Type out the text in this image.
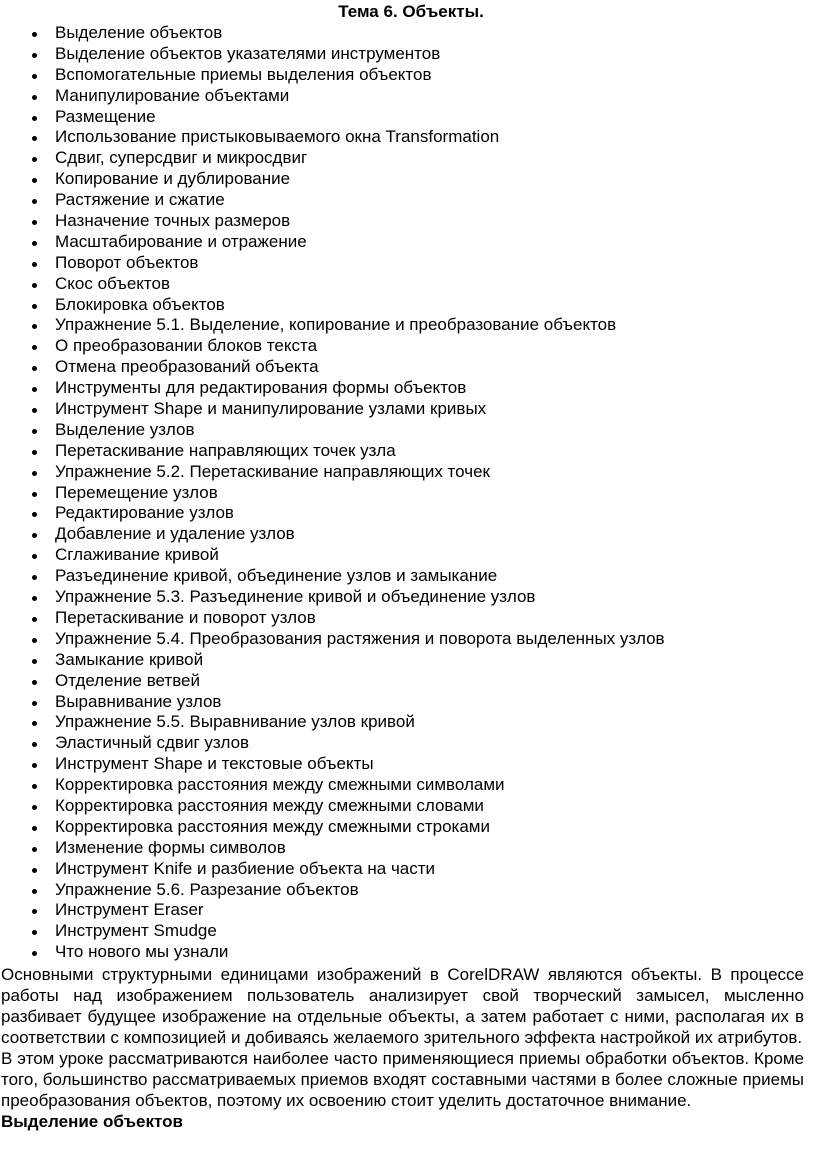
Тема 6. Объекты.
Выделение объектов
Выделение объектов указателями инструментов
Вспомогательные приемы выделения объектов
Манипулирование объектами
Размещение
Использование пристыковываемого окна Transformation
Сдвиг, суперсдвиг и микросдвиг
Копирование и дублирование
Растяжение и сжатие
Назначение точных размеров
Масштабирование и отражение
Поворот объектов
Скос объектов
Блокировка объектов
Упражнение 5.1. Выделение, копирование и преобразование объектов
О преобразовании блоков текста
Отмена преобразований объекта
Инструменты для редактирования формы объектов
Инструмент Shape и манипулирование узлами кривых
Выделение узлов
Перетаскивание направляющих точек узла
Упражнение 5.2. Перетаскивание направляющих точек
Перемещение узлов
Редактирование узлов
Добавление и удаление узлов
Сглаживание кривой
Разъединение кривой, объединение узлов и замыкание
Упражнение 5.3. Разъединение кривой и объединение узлов
Перетаскивание и поворот узлов
Упражнение 5.4. Преобразования растяжения и поворота выделенных узлов
Замыкание кривой
Отделение ветвей
Выравнивание узлов
Упражнение 5.5. Выравнивание узлов кривой
Эластичный сдвиг узлов
Инструмент Shape и текстовые объекты
Корректировка расстояния между смежными символами
Корректировка расстояния между смежными словами
Корректировка расстояния между смежными строками
Изменение формы символов
Инструмент Knife и разбиение объекта на части
Упражнение 5.6. Разрезание объектов
Инструмент Eraser
Инструмент Smudge
Что нового мы узнали

Основными структурными единицами изображений в CorelDRAW являются объекты. В процессе работы над изображением пользователь анализирует свой творческий замысел, мысленно разбивает будущее изображение на отдельные объекты, а затем работает с ними, располагая их в соответствии с композицией и добиваясь желаемого зрительного эффекта настройкой их атрибутов.

В этом уроке рассматриваются наиболее часто применяющиеся приемы обработки объектов. Кроме того, большинство рассматриваемых приемов входят составными частями в более сложные приемы преобразования объектов, поэтому их освоению стоит уделить достаточное внимание.

Выделение объектов
